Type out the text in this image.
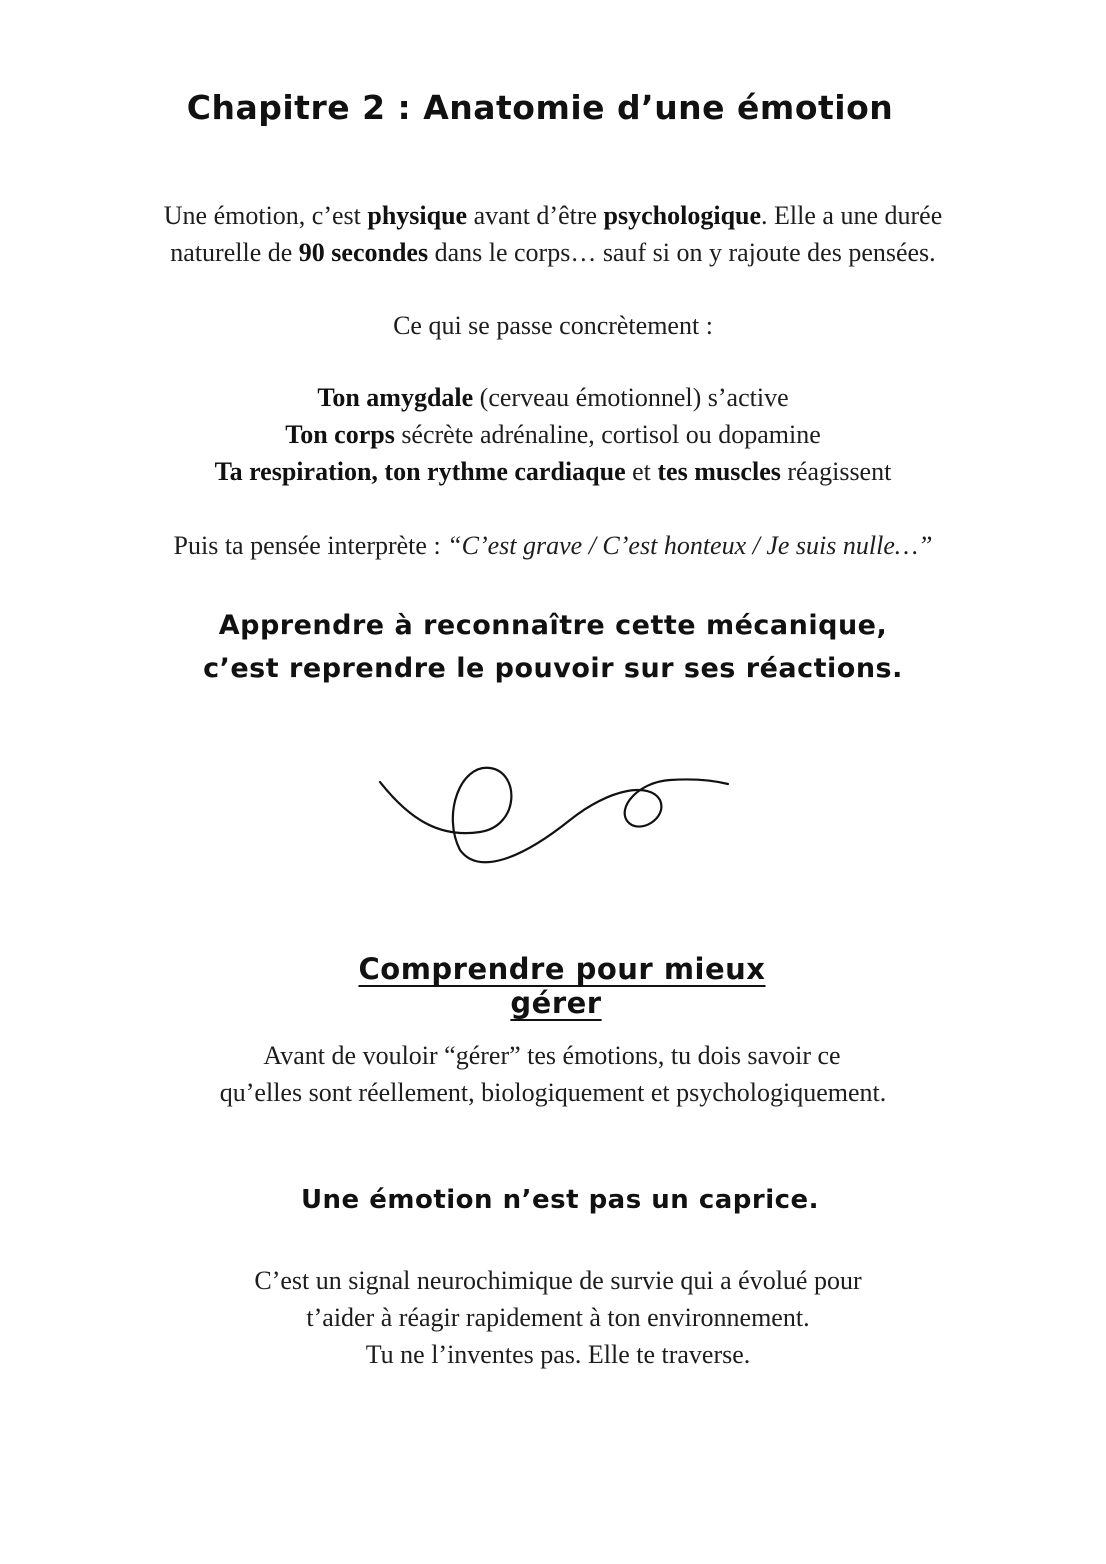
Chapitre 2 : Anatomie d’une émotion
Une émotion, c’est physique avant d’être psychologique. Elle a une durée
naturelle de 90 secondes dans le corps… sauf si on y rajoute des pensées.
Ce qui se passe concrètement :
Ton amygdale (cerveau émotionnel) s’active
Ton corps sécrète adrénaline, cortisol ou dopamine
Ta respiration, ton rythme cardiaque et tes muscles réagissent
Puis ta pensée interprète : “C’est grave / C’est honteux / Je suis nulle…”
Apprendre à reconnaître cette mécanique,
c’est reprendre le pouvoir sur ses réactions.
Comprendre pour mieux gérer
Avant de vouloir “gérer” tes émotions, tu dois savoir ce
qu’elles sont réellement, biologiquement et psychologiquement.
Une émotion n’est pas un caprice.
C’est un signal neurochimique de survie qui a évolué pour
t’aider à réagir rapidement à ton environnement.
Tu ne l’inventes pas. Elle te traverse.
